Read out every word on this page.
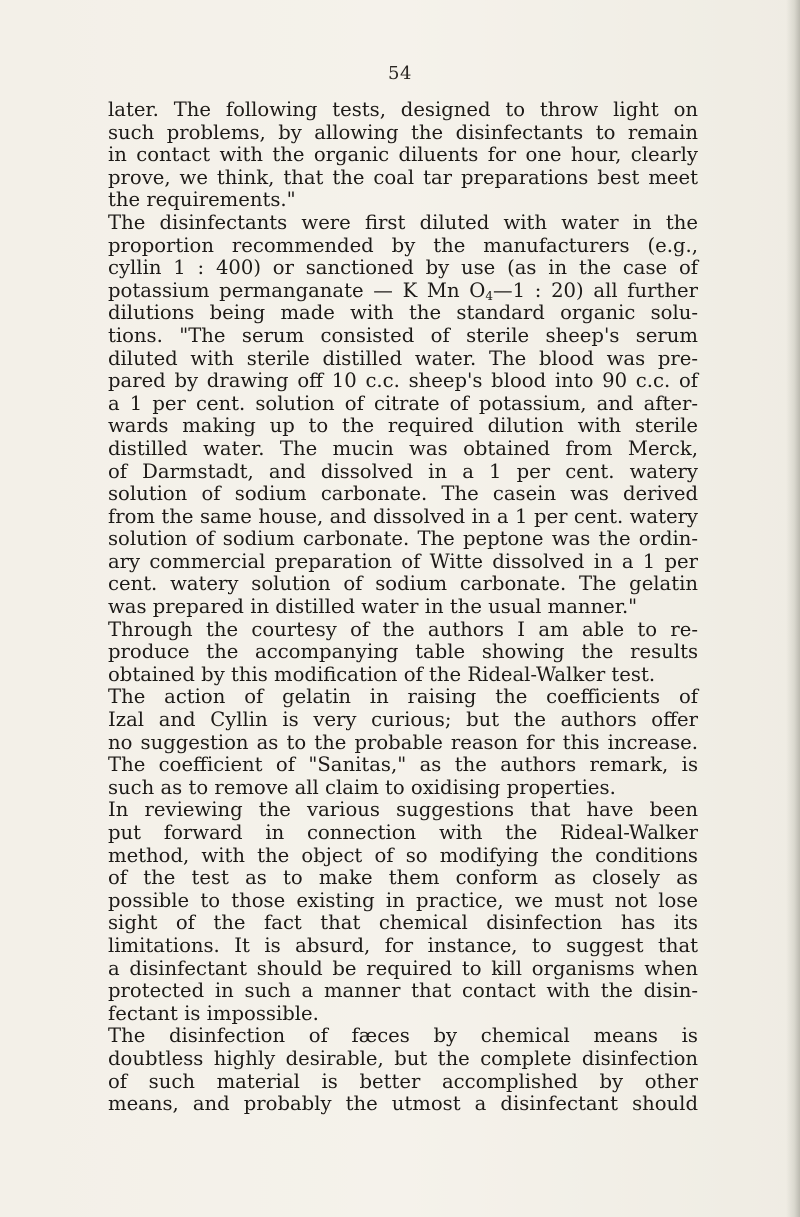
54
later. The following tests, designed to throw light on
such problems, by allowing the disinfectants to remain
in contact with the organic diluents for one hour, clearly
prove, we think, that the coal tar preparations best meet
the requirements."
The disinfectants were first diluted with water in the
proportion recommended by the manufacturers (e.g.,
cyllin 1 : 400) or sanctioned by use (as in the case of
potassium permanganate — K Mn $O_4—1$ : 20) all further
dilutions being made with the standard organic solu-
tions. "The serum consisted of sterile sheep's serum
diluted with sterile distilled water. The blood was pre-
pared by drawing off 10 c.c. sheep's blood into 90 c.c. of
a 1 per cent. solution of citrate of potassium, and after-
wards making up to the required dilution with sterile
distilled water. The mucin was obtained from Merck,
of Darmstadt, and dissolved in a 1 per cent. watery
solution of sodium carbonate. The casein was derived
from the same house, and dissolved in a 1 per cent. watery
solution of sodium carbonate. The peptone was the ordin-
ary commercial preparation of Witte dissolved in a 1 per
cent. watery solution of sodium carbonate. The gelatin
was prepared in distilled water in the usual manner."
Through the courtesy of the authors I am able to re-
produce the accompanying table showing the results
obtained by this modification of the Rideal-Walker test.
The action of gelatin in raising the coefficients of
Izal and Cyllin is very curious; but the authors offer
no suggestion as to the probable reason for this increase.
The coefficient of "Sanitas," as the authors remark, is
such as to remove all claim to oxidising properties.
In reviewing the various suggestions that have been
put forward in connection with the Rideal-Walker
method, with the object of so modifying the conditions
of the test as to make them conform as closely as
possible to those existing in practice, we must not lose
sight of the fact that chemical disinfection has its
limitations. It is absurd, for instance, to suggest that
a disinfectant should be required to kill organisms when
protected in such a manner that contact with the disin-
fectant is impossible.
The disinfection of fæces by chemical means is
doubtless highly desirable, but the complete disinfection
of such material is better accomplished by other
means, and probably the utmost a disinfectant should
